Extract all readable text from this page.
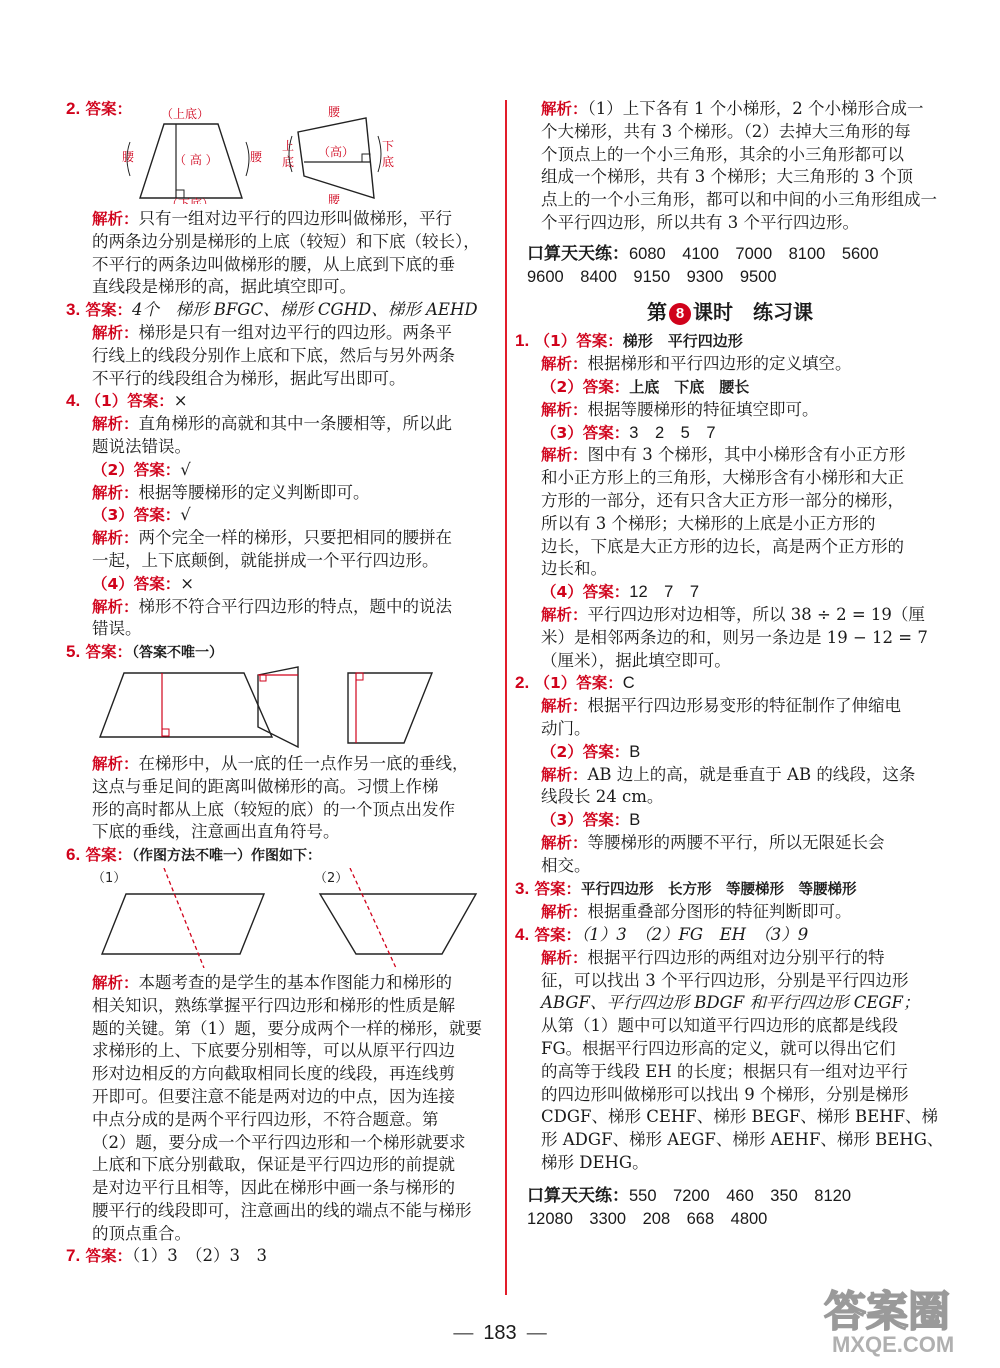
2. 答案：	（上底）
腰	腰
（ 高 ）
（下底）
腰
上
底
下
底
（高）
腰
解析：只有一组对边平行的四边形叫做梯形，平行
的两条边分别是梯形的上底（较短）和下底（较长），
不平行的两条边叫做梯形的腰，从上底到下底的垂
直线段是梯形的高，据此填空即可。
3. 答案：4个　梯形 BFGC、梯形 CGHD、梯形 AEHD
解析：梯形是只有一组对边平行的四边形。两条平
行线上的线段分别作上底和下底，然后与另外两条
不平行的线段组合为梯形，据此写出即可。
4. （1）答案：×
解析：直角梯形的高就和其中一条腰相等，所以此
题说法错误。
（2）答案：√
解析：根据等腰梯形的定义判断即可。
（3）答案：√
解析：两个完全一样的梯形，只要把相同的腰拼在
一起，上下底颠倒，就能拼成一个平行四边形。
（4）答案：×
解析：梯形不符合平行四边形的特点，题中的说法
错误。
5. 答案：（答案不唯一）
解析：在梯形中，从一底的任一点作另一底的垂线，
这点与垂足间的距离叫做梯形的高。习惯上作梯
形的高时都从上底（较短的底）的一个顶点出发作
下底的垂线，注意画出直角符号。
6. 答案：（作图方法不唯一）作图如下：
（1）	（2）
解析：本题考查的是学生的基本作图能力和梯形的
相关知识，熟练掌握平行四边形和梯形的性质是解
题的关键。第（1）题，要分成两个一样的梯形，就要
求梯形的上、下底要分别相等，可以从原平行四边
形对边相反的方向截取相同长度的线段，再连线剪
开即可。但要注意不能是两对边的中点，因为连接
中点分成的是两个平行四边形，不符合题意。第
（2）题，要分成一个平行四边形和一个梯形就要求
上底和下底分别截取，保证是平行四边形的前提就
是对边平行且相等，因此在梯形中画一条与梯形的
腰平行的线段即可，注意画出的线的端点不能与梯形
的顶点重合。
7. 答案：（1）3　（2）3　3
解析：（1）上下各有 1 个小梯形，2 个小梯形合成一
个大梯形，共有 3 个梯形。（2）去掉大三角形的每
个顶点上的一个小三角形，其余的小三角形都可以
组成一个梯形，共有 3 个梯形；大三角形的 3 个顶
点上的一个小三角形，都可以和中间的小三角形组成一
个平行四边形，所以共有 3 个平行四边形。
口算天天练：6080　4100　7000　8100　5600
9600　8400　9150　9300　9500
第 8 课时　练习课
1. （1）答案：梯形　平行四边形
解析：根据梯形和平行四边形的定义填空。
（2）答案：上底　下底　腰长
解析：根据等腰梯形的特征填空即可。
（3）答案：3　2　5　7
解析：图中有 3 个梯形，其中小梯形含有小正方形
和小正方形上的三角形，大梯形含有小梯形和大正
方形的一部分，还有只含大正方形一部分的梯形，
所以有 3 个梯形；大梯形的上底是小正方形的
边长，下底是大正方形的边长，高是两个正方形的
边长和。
（4）答案：12　7　7
解析：平行四边形对边相等，所以 38 ÷ 2 = 19（厘
米）是相邻两条边的和，则另一条边是 19 − 12 = 7
（厘米），据此填空即可。
2. （1）答案：C
解析：根据平行四边形易变形的特征制作了伸缩电
动门。
（2）答案：B
解析：AB 边上的高，就是垂直于 AB 的线段，这条
线段长 24 cm。
（3）答案：B
解析：等腰梯形的两腰不平行，所以无限延长会
相交。
3. 答案：平行四边形　长方形　等腰梯形　等腰梯形
解析：根据重叠部分图形的特征判断即可。
4. 答案：（1）3　（2）FG　EH　（3）9
解析：根据平行四边形的两组对边分别平行的特
征，可以找出 3 个平行四边形，分别是平行四边形
ABGF、平行四边形 BDGF 和平行四边形 CEGF；
从第（1）题中可以知道平行四边形的底都是线段
FG。根据平行四边形高的定义，就可以得出它们
的高等于线段 EH 的长度；根据只有一组对边平行
的四边形叫做梯形可以找出 9 个梯形，分别是梯形
CDGF、梯形 CEHF、梯形 BEGF、梯形 BEHF、梯
形 ADGF、梯形 AEGF、梯形 AEHF、梯形 BEHG、
梯形 DEHG。
口算天天练：550　7200　460　350　8120
12080　3300　208　668　4800
— 183 —	答案圈
MXQE.COM
